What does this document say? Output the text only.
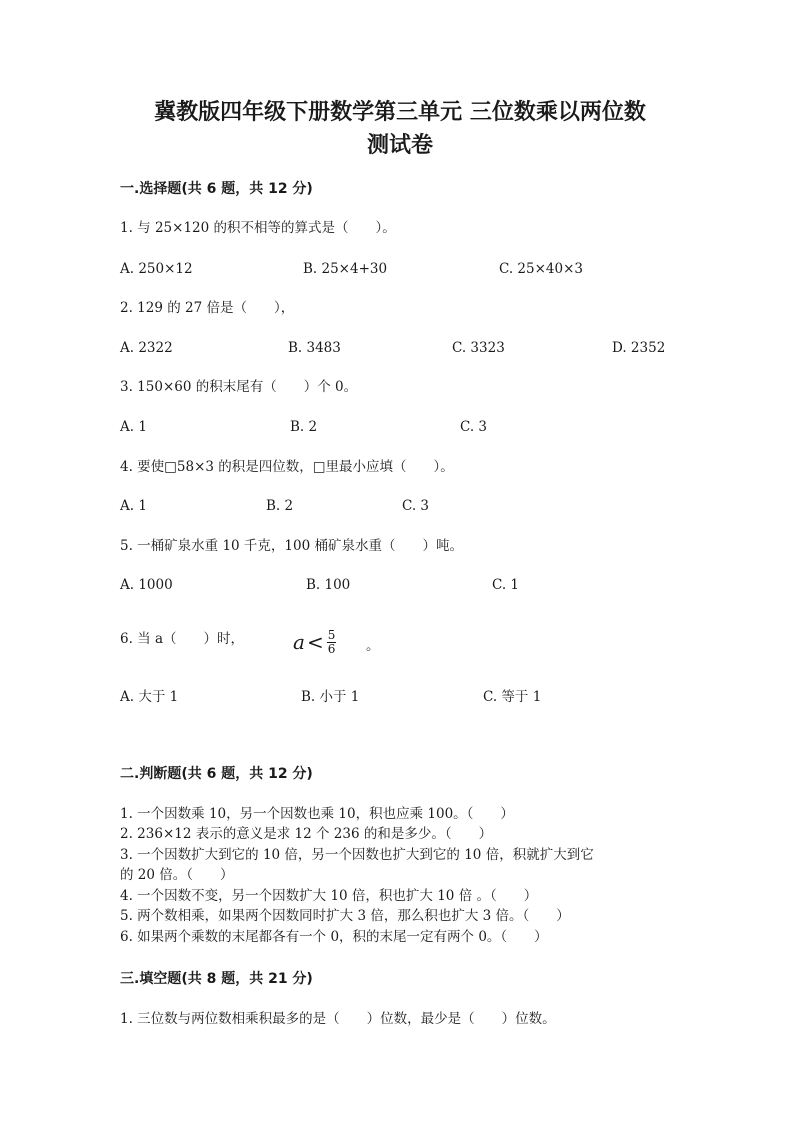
冀教版四年级下册数学第三单元 三位数乘以两位数
测试卷
一.选择题(共 6 题，共 12 分)
1. 与 25×120 的积不相等的算式是（　　）。
A. 250×12	B. 25×4+30	C. 25×40×3
2. 129 的 27 倍是（　　），
A. 2322	B. 3483	C. 3323	D. 2352
3. 150×60 的积末尾有（　　）个 0。
A. 1	B. 2	C. 3
4. 要使□58×3 的积是四位数，□里最小应填（　　）。
A. 1	B. 2	C. 3
5. 一桶矿泉水重 10 千克，100 桶矿泉水重（　　）吨。
A. 1000	B. 100	C. 1
6. 当 a（　　）时， $a < \frac{5}{6}$ 。
A. 大于 1	B. 小于 1	C. 等于 1
二.判断题(共 6 题，共 12 分)
1. 一个因数乘 10，另一个因数也乘 10，积也应乘 100。（　　）
2. 236×12 表示的意义是求 12 个 236 的和是多少。（　　）
3. 一个因数扩大到它的 10 倍，另一个因数也扩大到它的 10 倍，积就扩大到它
的 20 倍。（　　）
4. 一个因数不变，另一个因数扩大 10 倍，积也扩大 10 倍 。（　　）
5. 两个数相乘，如果两个因数同时扩大 3 倍，那么积也扩大 3 倍。（　　）
6. 如果两个乘数的末尾都各有一个 0，积的末尾一定有两个 0。（　　）
三.填空题(共 8 题，共 21 分)
1. 三位数与两位数相乘积最多的是（　　）位数，最少是（　　）位数。
